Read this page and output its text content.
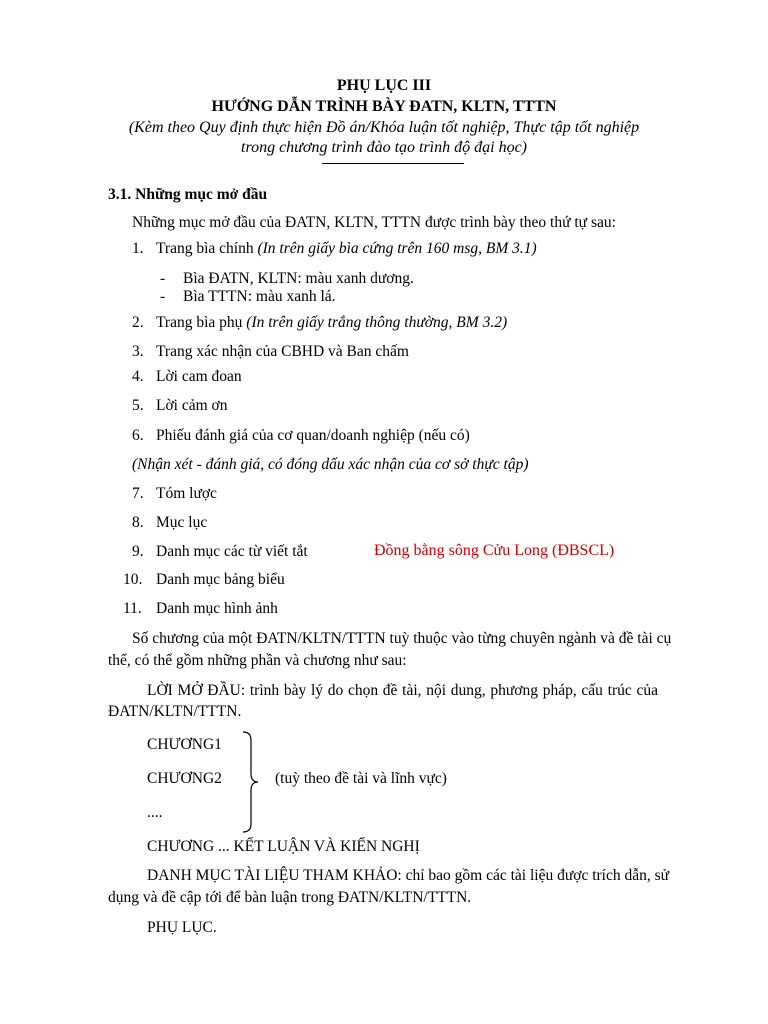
PHỤ LỤC III
HƯỚNG DẪN TRÌNH BÀY ĐATN, KLTN, TTTN
(Kèm theo Quy định thực hiện Đồ án/Khóa luận tốt nghiệp, Thực tập tốt nghiệp
trong chương trình đào tạo trình độ đại học)
3.1. Những mục mở đầu
Những mục mở đầu của ĐATN, KLTN, TTTN được trình bày theo thứ tự sau:
1. Trang bìa chính (In trên giấy bìa cứng trên 160 msg, BM 3.1)
- Bìa ĐATN, KLTN: màu xanh dương.
- Bìa TTTN: màu xanh lá.
2. Trang bìa phụ (In trên giấy trắng thông thường, BM 3.2)
3. Trang xác nhận của CBHD và Ban chấm
4. Lời cam đoan
5. Lời cảm ơn
6. Phiếu đánh giá của cơ quan/doanh nghiệp (nếu có)
(Nhận xét - đánh giá, có đóng dấu xác nhận của cơ sở thực tập)
7. Tóm lược
8. Mục lục
9. Danh mục các từ viết tắt	Đồng bằng sông Cửu Long (ĐBSCL)
10. Danh mục bảng biểu
11. Danh mục hình ảnh
Số chương của một ĐATN/KLTN/TTTN tuỳ thuộc vào từng chuyên ngành và đề tài cụ
thể, có thể gồm những phần và chương như sau:
LỜI MỞ ĐẦU: trình bày lý do chọn đề tài, nội dung, phương pháp, cấu trúc của
ĐATN/KLTN/TTTN.
CHƯƠNG1
CHƯƠNG2
....
(tuỳ theo đề tài và lĩnh vực)
CHƯƠNG ... KẾT LUẬN VÀ KIẾN NGHỊ
DANH MỤC TÀI LIỆU THAM KHẢO: chỉ bao gồm các tài liệu được trích dẫn, sử
dụng và đề cập tới để bàn luận trong ĐATN/KLTN/TTTN.
PHỤ LỤC.
